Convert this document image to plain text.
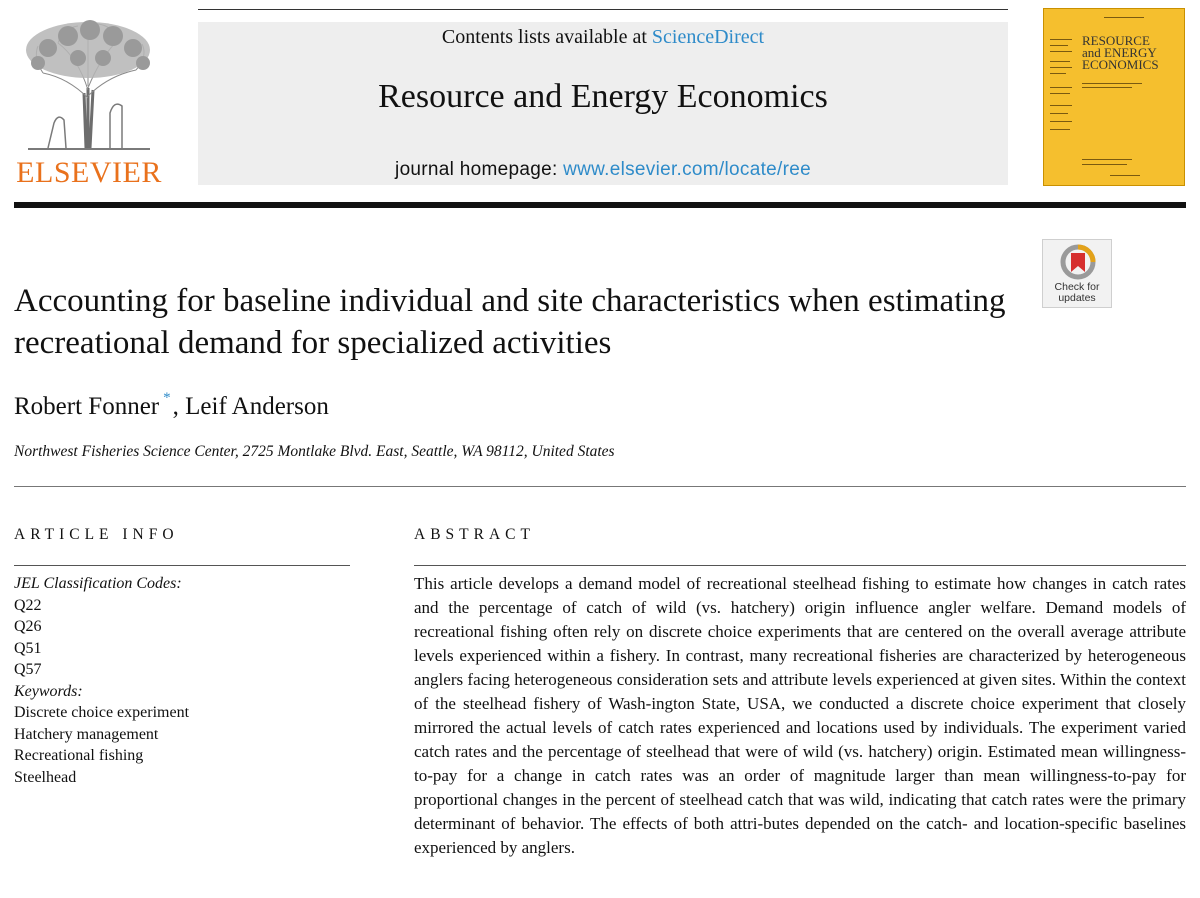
ELSEVIER
Contents lists available at ScienceDirect
Resource and Energy Economics
journal homepage: www.elsevier.com/locate/ree
RESOURCE
and ENERGY
ECONOMICS
Check for
updates
Accounting for baseline individual and site characteristics when estimating recreational demand for specialized activities
Robert Fonner *, Leif Anderson
Northwest Fisheries Science Center, 2725 Montlake Blvd. East, Seattle, WA 98112, United States
ARTICLE INFO
JEL Classification Codes:
Q22
Q26
Q51
Q57
Keywords:
Discrete choice experiment
Hatchery management
Recreational fishing
Steelhead
ABSTRACT

This article develops a demand model of recreational steelhead fishing to estimate how changes in catch rates and the percentage of catch of wild (vs. hatchery) origin influence angler welfare. Demand models of recreational fishing often rely on discrete choice experiments that are centered on the overall average attribute levels experienced within a fishery. In contrast, many recreational fisheries are characterized by heterogeneous anglers facing heterogeneous consideration sets and attribute levels experienced at given sites. Within the context of the steelhead fishery of Wash-ington State, USA, we conducted a discrete choice experiment that closely mirrored the actual levels of catch rates experienced and locations used by individuals. The experiment varied catch rates and the percentage of steelhead that were of wild (vs. hatchery) origin. Estimated mean willingness-to-pay for a change in catch rates was an order of magnitude larger than mean willingness-to-pay for proportional changes in the percent of steelhead catch that was wild, indicating that catch rates were the primary determinant of behavior. The effects of both attri-butes depended on the catch- and location-specific baselines experienced by anglers.
